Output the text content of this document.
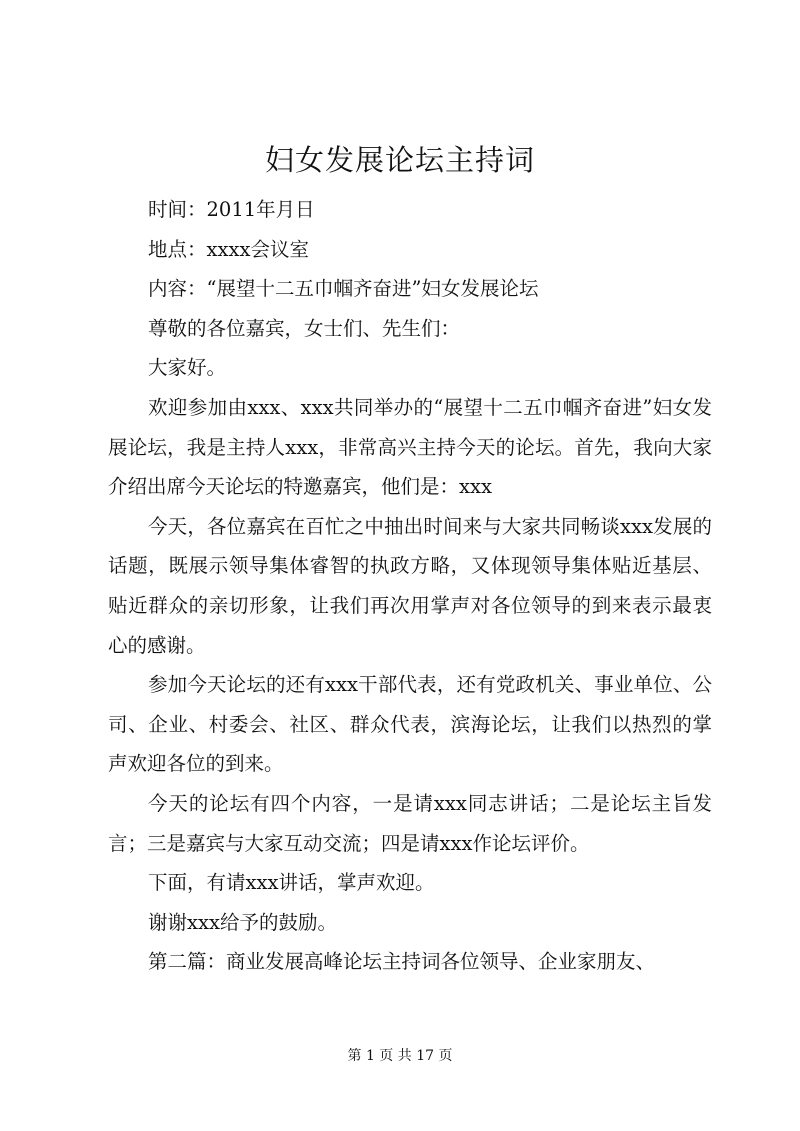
妇女发展论坛主持词

时间：2011年月日

地点：xxxx会议室

内容：“展望十二五巾帼齐奋进”妇女发展论坛

尊敬的各位嘉宾，女士们、先生们：

大家好。

欢迎参加由xxx、xxx共同举办的“展望十二五巾帼齐奋进”妇女发展论坛，我是主持人xxx，非常高兴主持今天的论坛。首先，我向大家介绍出席今天论坛的特邀嘉宾，他们是：xxx

今天，各位嘉宾在百忙之中抽出时间来与大家共同畅谈xxx发展的话题，既展示领导集体睿智的执政方略，又体现领导集体贴近基层、贴近群众的亲切形象，让我们再次用掌声对各位领导的到来表示最衷心的感谢。

参加今天论坛的还有xxx干部代表，还有党政机关、事业单位、公司、企业、村委会、社区、群众代表，滨海论坛，让我们以热烈的掌声欢迎各位的到来。

今天的论坛有四个内容，一是请xxx同志讲话；二是论坛主旨发言；三是嘉宾与大家互动交流；四是请xxx作论坛评价。

下面，有请xxx讲话，掌声欢迎。

谢谢xxx给予的鼓励。

第二篇：商业发展高峰论坛主持词各位领导、企业家朋友、

第 1 页 共 17 页
